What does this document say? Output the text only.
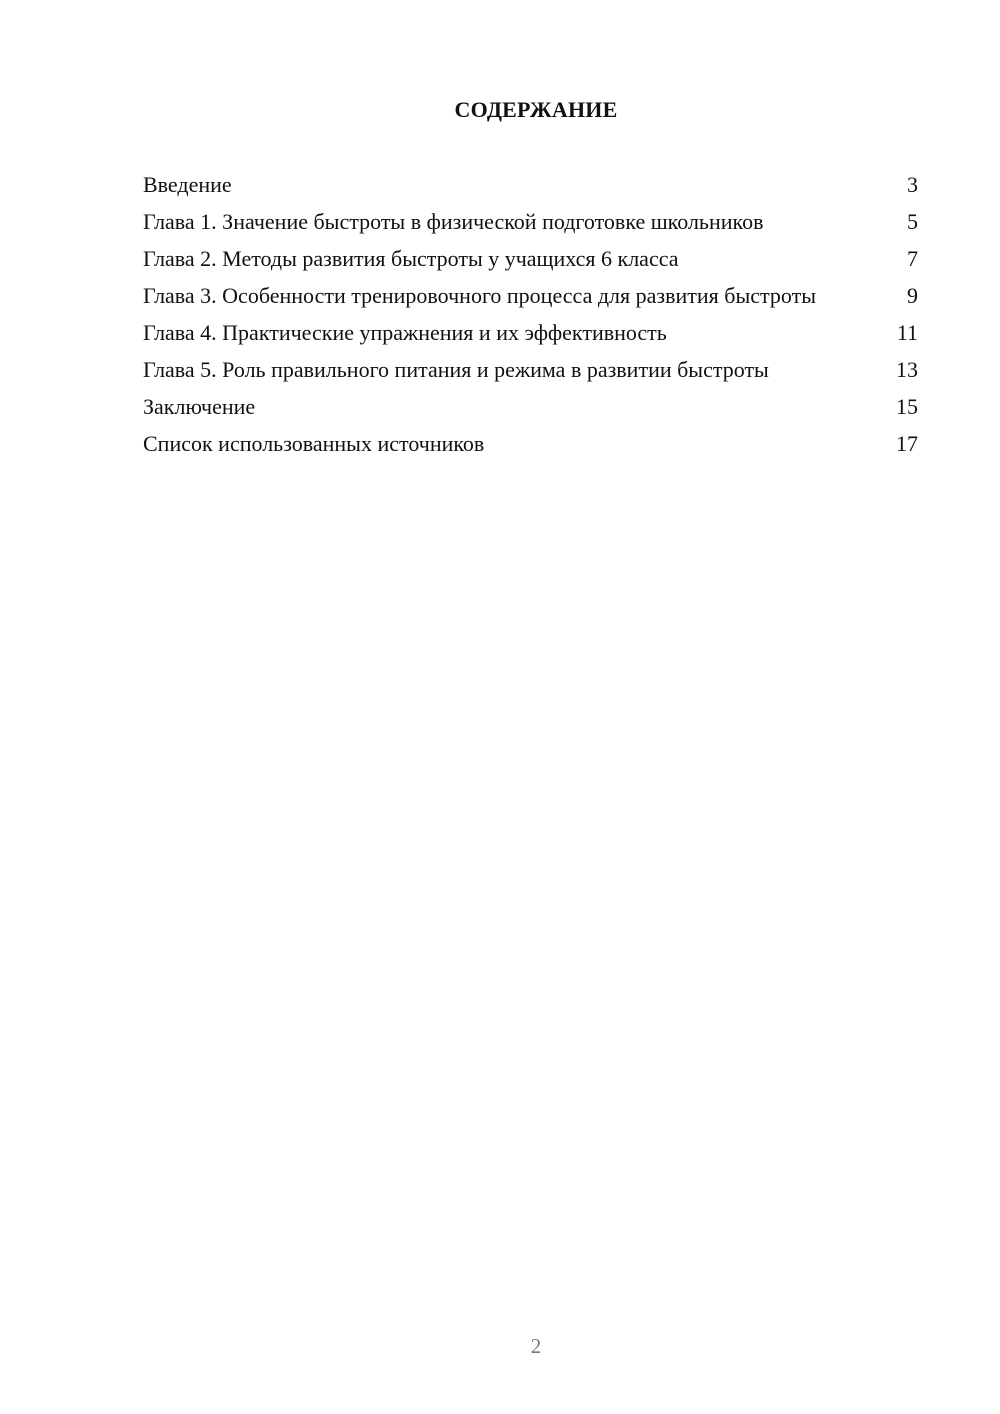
СОДЕРЖАНИЕ
Введение	3
Глава 1. Значение быстроты в физической подготовке школьников	5
Глава 2. Методы развития быстроты у учащихся 6 класса	7
Глава 3. Особенности тренировочного процесса для развития быстроты	9
Глава 4. Практические упражнения и их эффективность	11
Глава 5. Роль правильного питания и режима в развитии быстроты	13
Заключение	15
Список использованных источников	17
2
